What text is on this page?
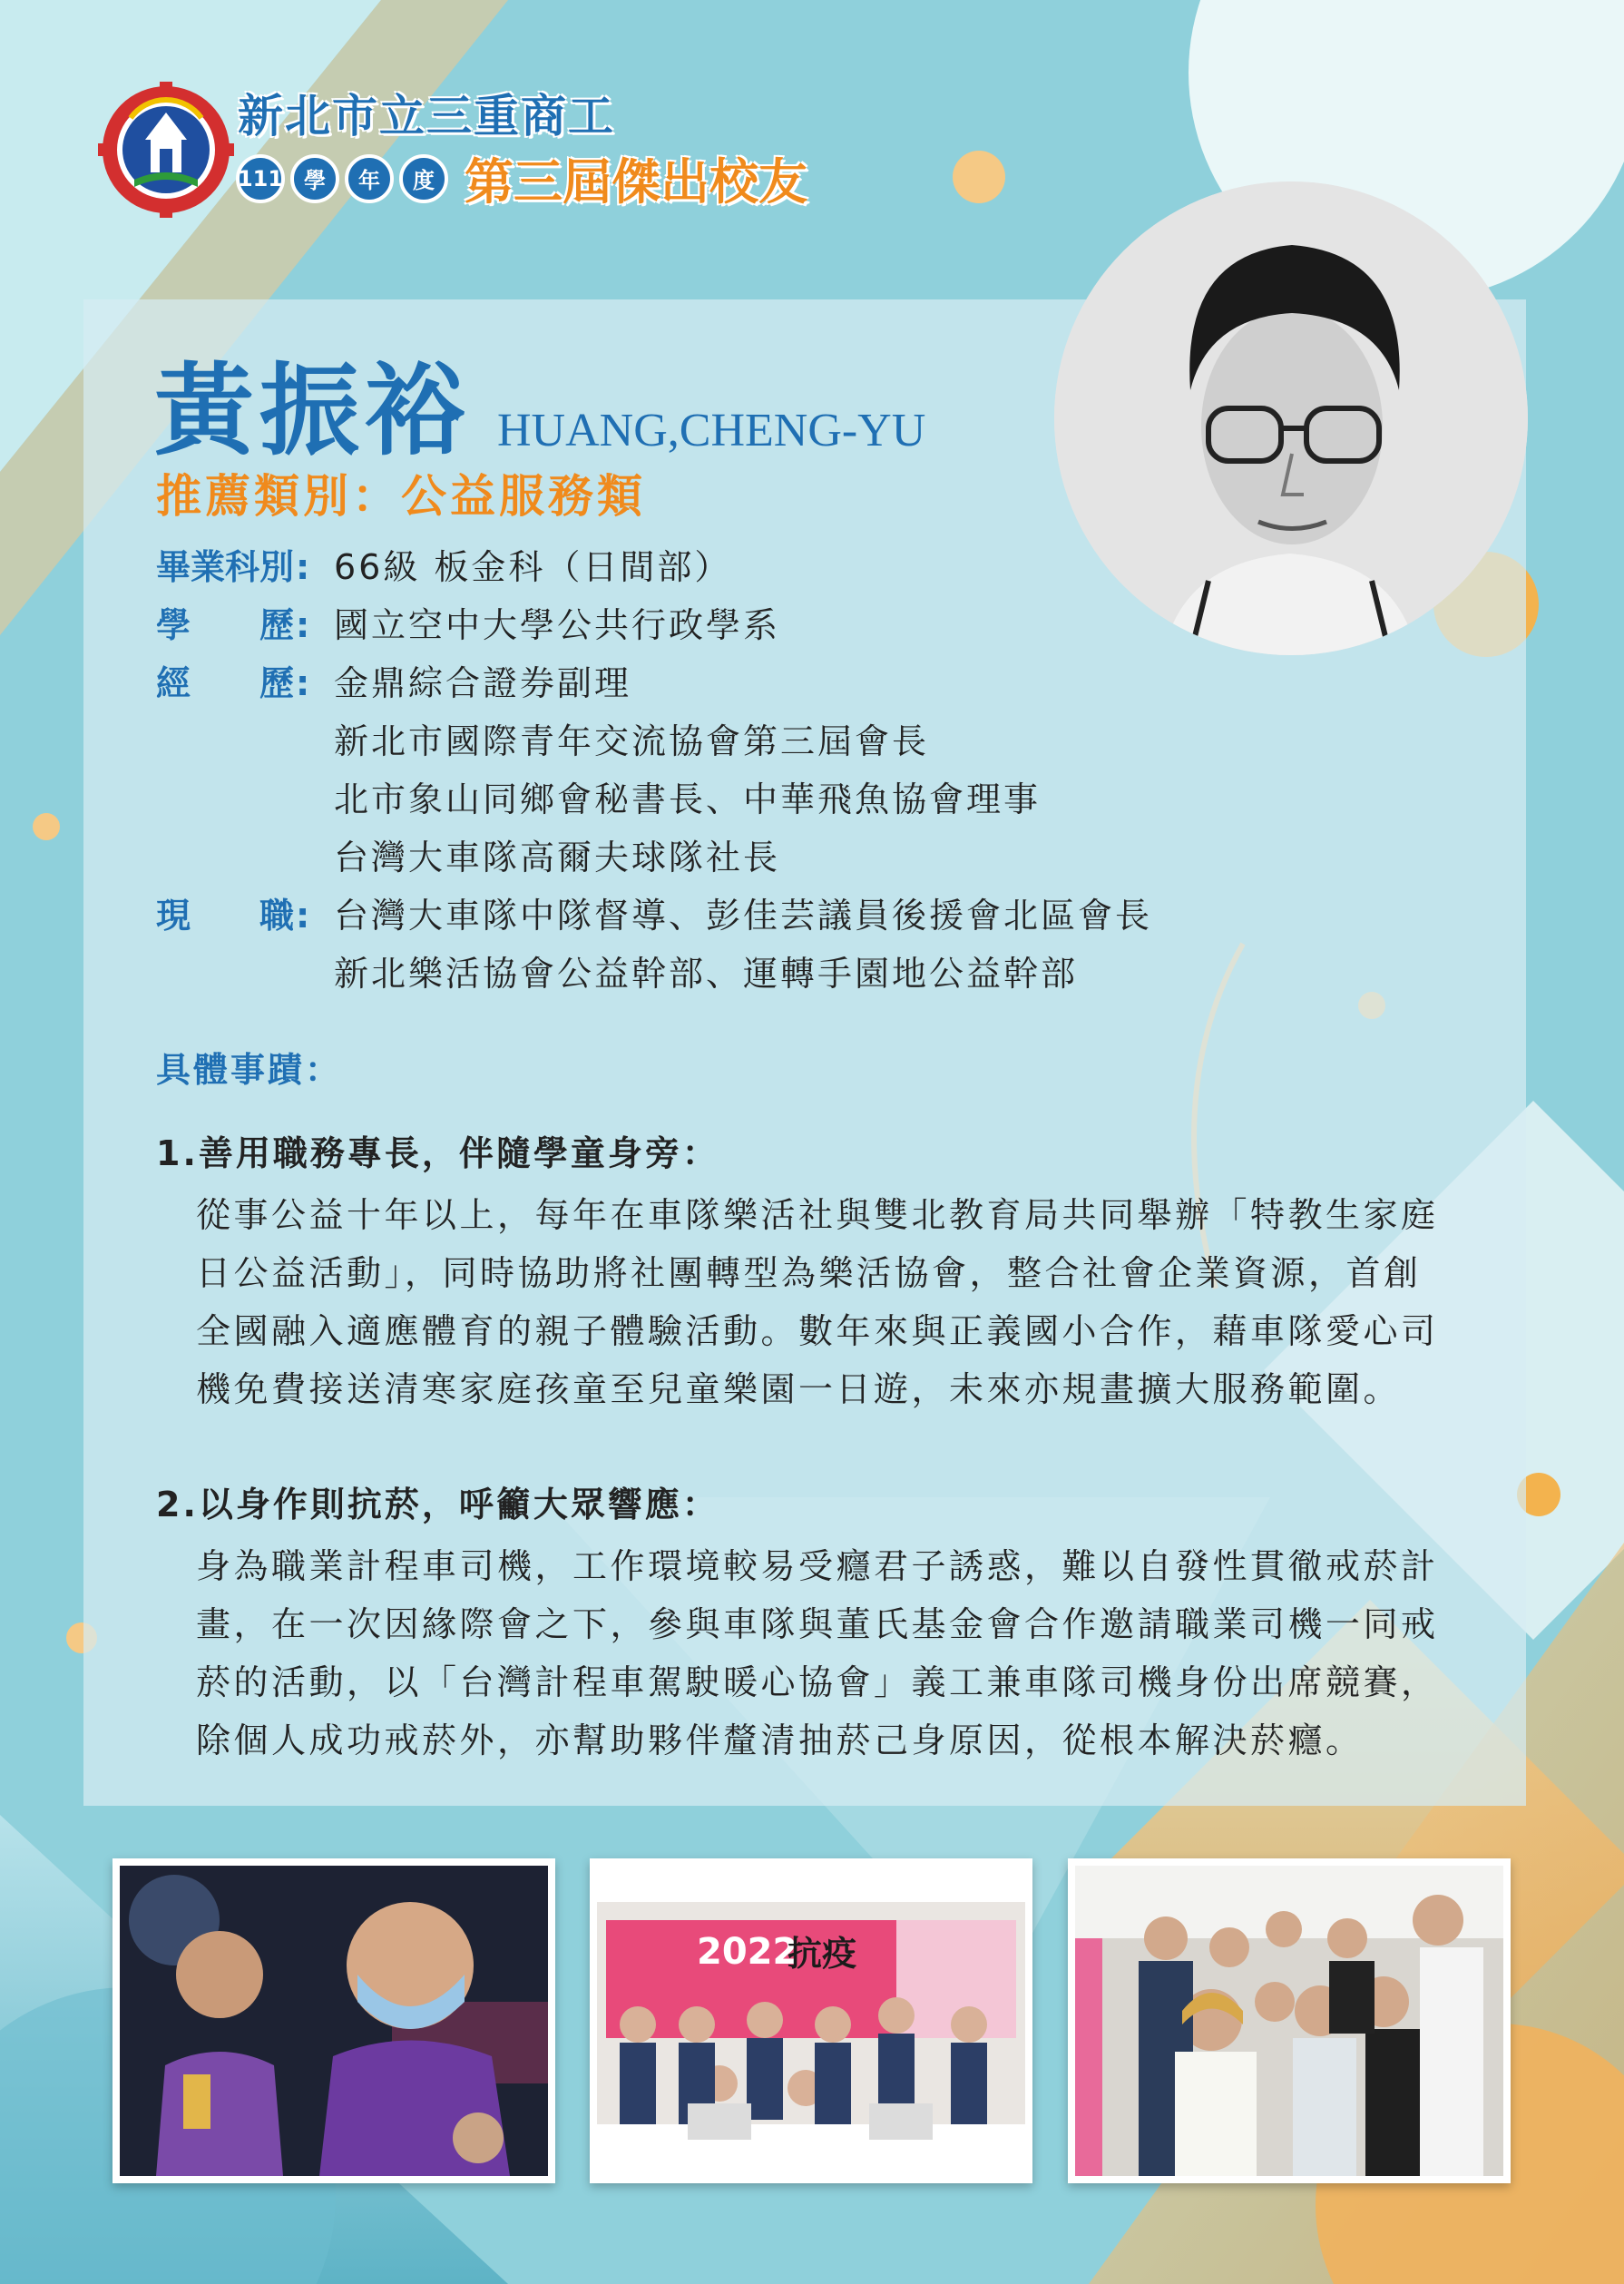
新北市立三重商工
111 學	年	度 第三屆傑出校友
黃振裕 HUANG,CHENG-YU
推薦類別：公益服務類
畢業科別: 66級 板金科（日間部）
學　　歷: 國立空中大學公共行政學系
經　　歷: 金鼎綜合證券副理
新北市國際青年交流協會第三屆會長
北市象山同鄉會秘書長、中華飛魚協會理事
台灣大車隊高爾夫球隊社長
現　　職: 台灣大車隊中隊督導、彭佳芸議員後援會北區會長
新北樂活協會公益幹部、運轉手園地公益幹部
具體事蹟：
1.善用職務專長，伴隨學童身旁：
從事公益十年以上，每年在車隊樂活社與雙北教育局共同舉辦「特教生家庭
日公益活動」，同時協助將社團轉型為樂活協會，整合社會企業資源，首創
全國融入適應體育的親子體驗活動。數年來與正義國小合作，藉車隊愛心司
機免費接送清寒家庭孩童至兒童樂園一日遊，未來亦規畫擴大服務範圍。
2.以身作則抗菸，呼籲大眾響應：
身為職業計程車司機，工作環境較易受癮君子誘惑，難以自發性貫徹戒菸計
畫，在一次因緣際會之下，參與車隊與董氏基金會合作邀請職業司機一同戒
菸的活動，以「台灣計程車駕駛暖心協會」義工兼車隊司機身份出席競賽，
除個人成功戒菸外，亦幫助夥伴釐清抽菸己身原因，從根本解決菸癮。
2022
抗疫
